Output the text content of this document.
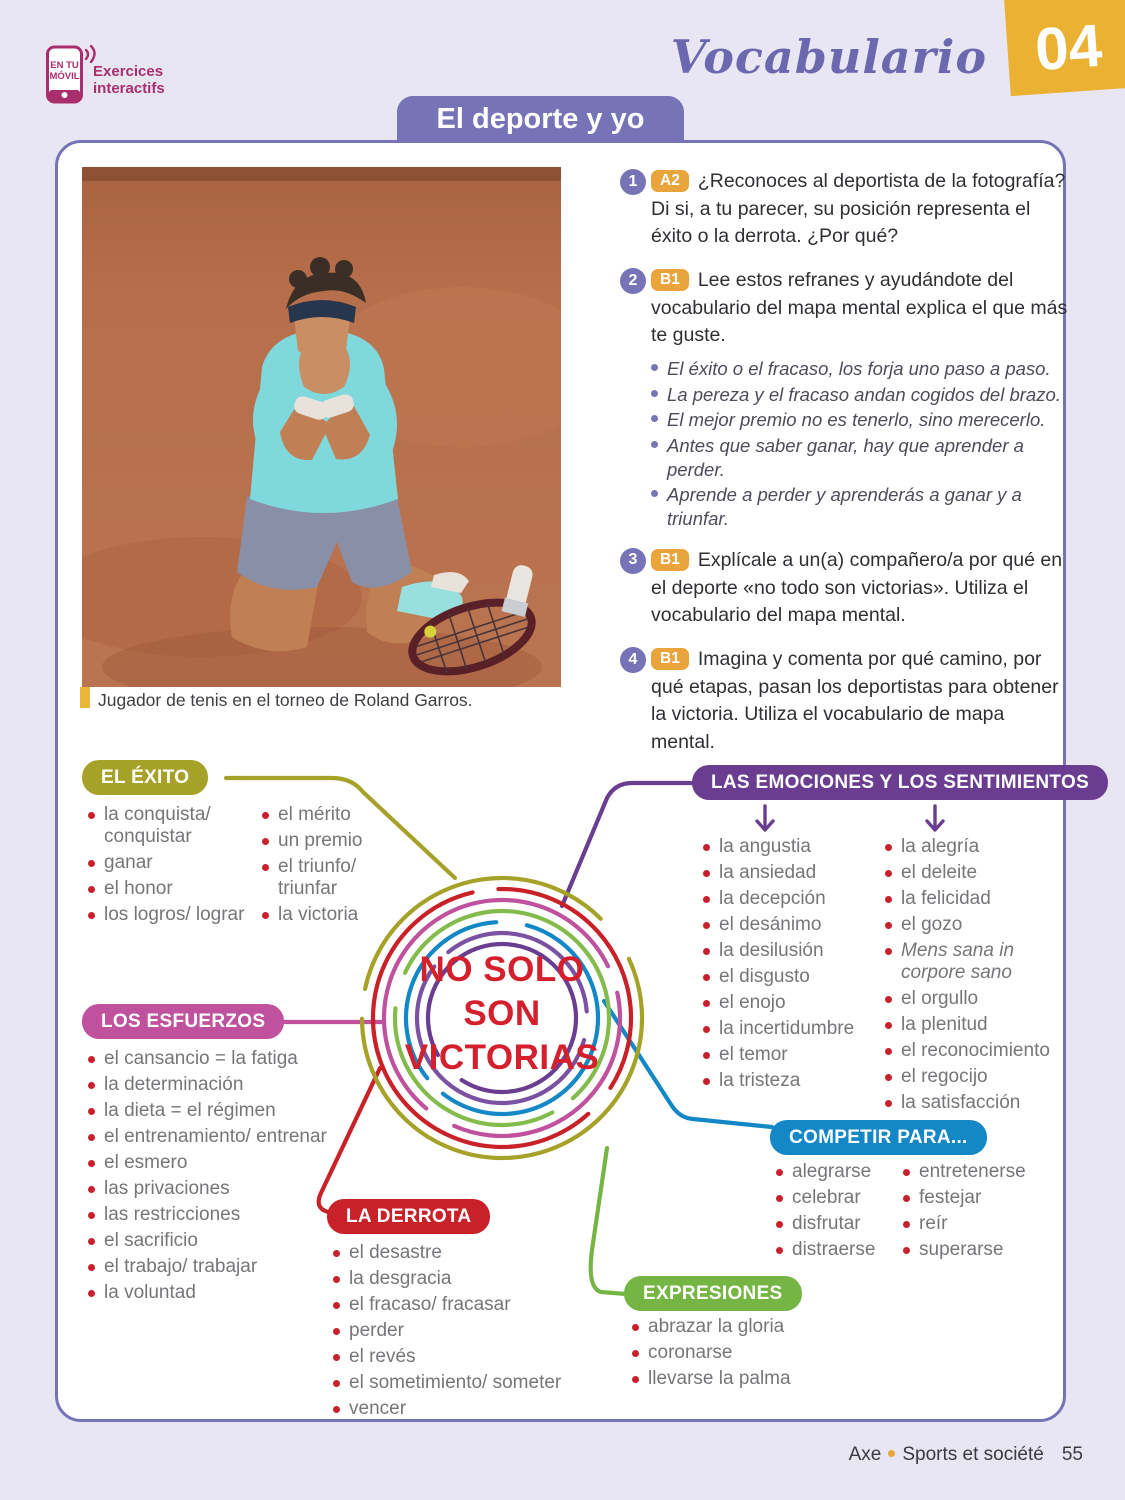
EN TU
MÓVIL Exercices
interactifs
Vocabulario 04
El deporte y yo
Jugador de tenis en el torneo de Roland Garros.
1	A2 ¿Reconoces al deportista de la fotografía? Di si, a tu parecer, su posición representa el éxito o la derrota. ¿Por qué?
2	B1 Lee estos refranes y ayudándote del vocabulario del mapa mental explica el que más te guste.
El éxito o el fracaso, los forja uno paso a paso.
La pereza y el fracaso andan cogidos del brazo.
El mejor premio no es tenerlo, sino merecerlo.
Antes que saber ganar, hay que aprender a perder.
Aprende a perder y aprenderás a ganar y a triunfar.
3	B1 Explícale a un(a) compañero/a por qué en el deporte «no todo son victorias». Utiliza el vocabulario del mapa mental.
4	B1 Imagina y comenta por qué camino, por qué etapas, pasan los deportistas para obtener la victoria. Utiliza el vocabulario de mapa mental.
NO SOLO
SON
VICTORIAS
EL ÉXITO
LOS ESFUERZOS
LA DERROTA
LAS EMOCIONES Y LOS SENTIMIENTOS
COMPETIR PARA...
EXPRESIONES
la conquista/ conquistar
ganar
el honor
los logros/ lograr
el mérito
un premio
el triunfo/ triunfar
la victoria
el cansancio = la fatiga
la determinación
la dieta = el régimen
el entrenamiento/ entrenar
el esmero
las privaciones
las restricciones
el sacrificio
el trabajo/ trabajar
la voluntad
el desastre
la desgracia
el fracaso/ fracasar
perder
el revés
el sometimiento/ someter
vencer
la angustia
la ansiedad
la decepción
el desánimo
la desilusión
el disgusto
el enojo
la incertidumbre
el temor
la tristeza
la alegría
el deleite
la felicidad
el gozo
Mens sana in corpore sano
el orgullo
la plenitud
el reconocimiento
el regocijo
la satisfacción
alegrarse
celebrar
disfrutar
distraerse
entretenerse
festejar
reír
superarse
abrazar la gloria
coronarse
llevarse la palma
Axe Sports et société 55
